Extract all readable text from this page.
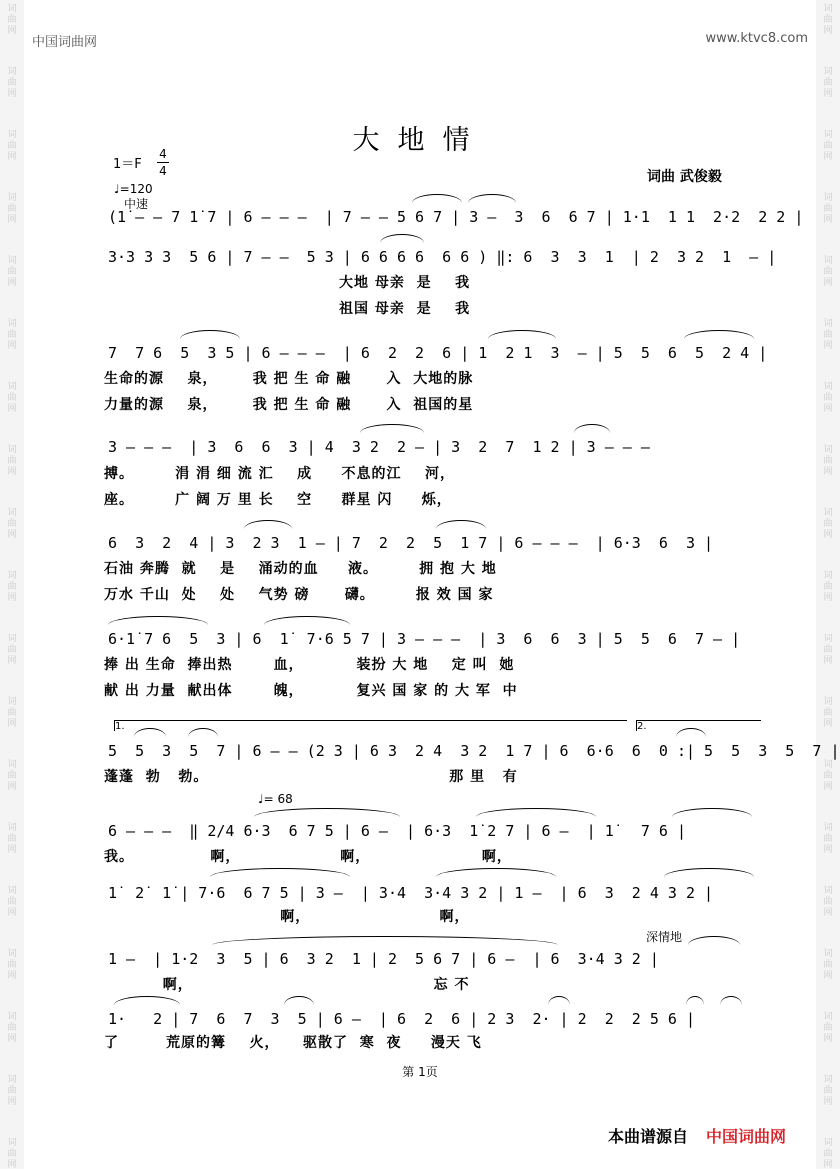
词
曲
网
词
曲
网
词
曲
网
词
曲
网
词
曲
网
词
曲
网
词
曲
网
词
曲
网
词
曲
网
词
曲
网
词
曲
网
词
曲
网
词
曲
网
词
曲
网
词
曲
网
词
曲
网
词
曲
网
词
曲
网
词
曲
网
词
曲
网
词
曲
网
词
曲
网
词
曲
网
词
曲
网
词
曲
网
词
曲
网
词
曲
网
词
曲
网
词
曲
网
词
曲
网
词
曲
网
词
曲
网
词
曲
网
词
曲
网
词
曲
网
词
曲
网
词
曲
网
词
曲
网
中国词曲网	www.ktvc8.com
大地情
$1=F \frac{4}{4}$
♩=120
中速
词曲 武俊毅

(1̇ – – 7 1̇ 7 | 6 – – –  | 7 – – 5 6 7 | 3 –  3  6  6 7 | 1·1  1 1  2·2  2 2 |

3·3 3 3  5 6 | 7 – –  5 3 | 6 6 6 6  6 6 ) ‖: 6  3  3  1  | 2  3 2  1  – |

大地 母亲  是    我
祖国 母亲  是    我

7  7 6  5  3 5 | 6 – – –  | 6  2  2  6 | 1  2 1  3  – | 5  5  6  5  2 4 |

生命的源    泉，      我 把 生 命 融      入  大地的脉
力量的源    泉，      我 把 生 命 融      入  祖国的星

3 – – –  | 3  6  6  3 | 4  3 2  2 – | 3  2  7  1 2 | 3 – – –

搏。       涓 涓 细 流 汇    成     不息的江    河，
座。       广 阔 万 里 长    空     群星 闪     烁，

6  3  2  4 | 3  2 3  1 – | 7  2  2  5  1 7 | 6 – – –  | 6·3  6  3 |

石油 奔腾  就    是    涌动的血     液。       拥 抱 大 地
万水 千山  处    处    气势 磅      礴。       报 效 国 家

6·1̇ 7 6  5  3 | 6  1̇  7·6 5 7 | 3 – – –  | 3  6  6  3 | 5  5  6  7 – |

捧 出 生命  捧出热       血，         装扮 大 地    定 叫  她
献 出 力量  献出体       魄，         复兴 国 家 的 大 军  中
1.	2.

5  5  3  5  7 | 6 – – (2 3 | 6 3  2 4  3 2  1 7 | 6  6·6  6  0 :| 5  5  3  5  7 |

蓬蓬  勃   勃。                                         那 里   有
♩= 68

6 – – –  ‖ 2/4 6·3  6 7 5 | 6 –  | 6·3  1̇ 2 7 | 6 –  | 1̇   7 6 |

我。             啊，                 啊，                   啊，

1̇  2̇  1̇ | 7·6  6 7 5 | 3 –  | 3·4  3·4 3 2 | 1 –  | 6  3  2 4 3 2 |

啊，                      啊，
深情地

1 –  | 1·2  3  5 | 6  3 2  1 | 2  5 6 7 | 6 –  | 6  3·4 3 2 |

啊，                                         忘 不

1·   2 | 7  6  7  3  5 | 6 –  | 6  2  6 | 2 3  2· | 2  2  2 5 6 |

了        荒原的篝    火，    驱散了  寒  夜     漫天 飞
第 1页
本曲谱源自 中国词曲网
